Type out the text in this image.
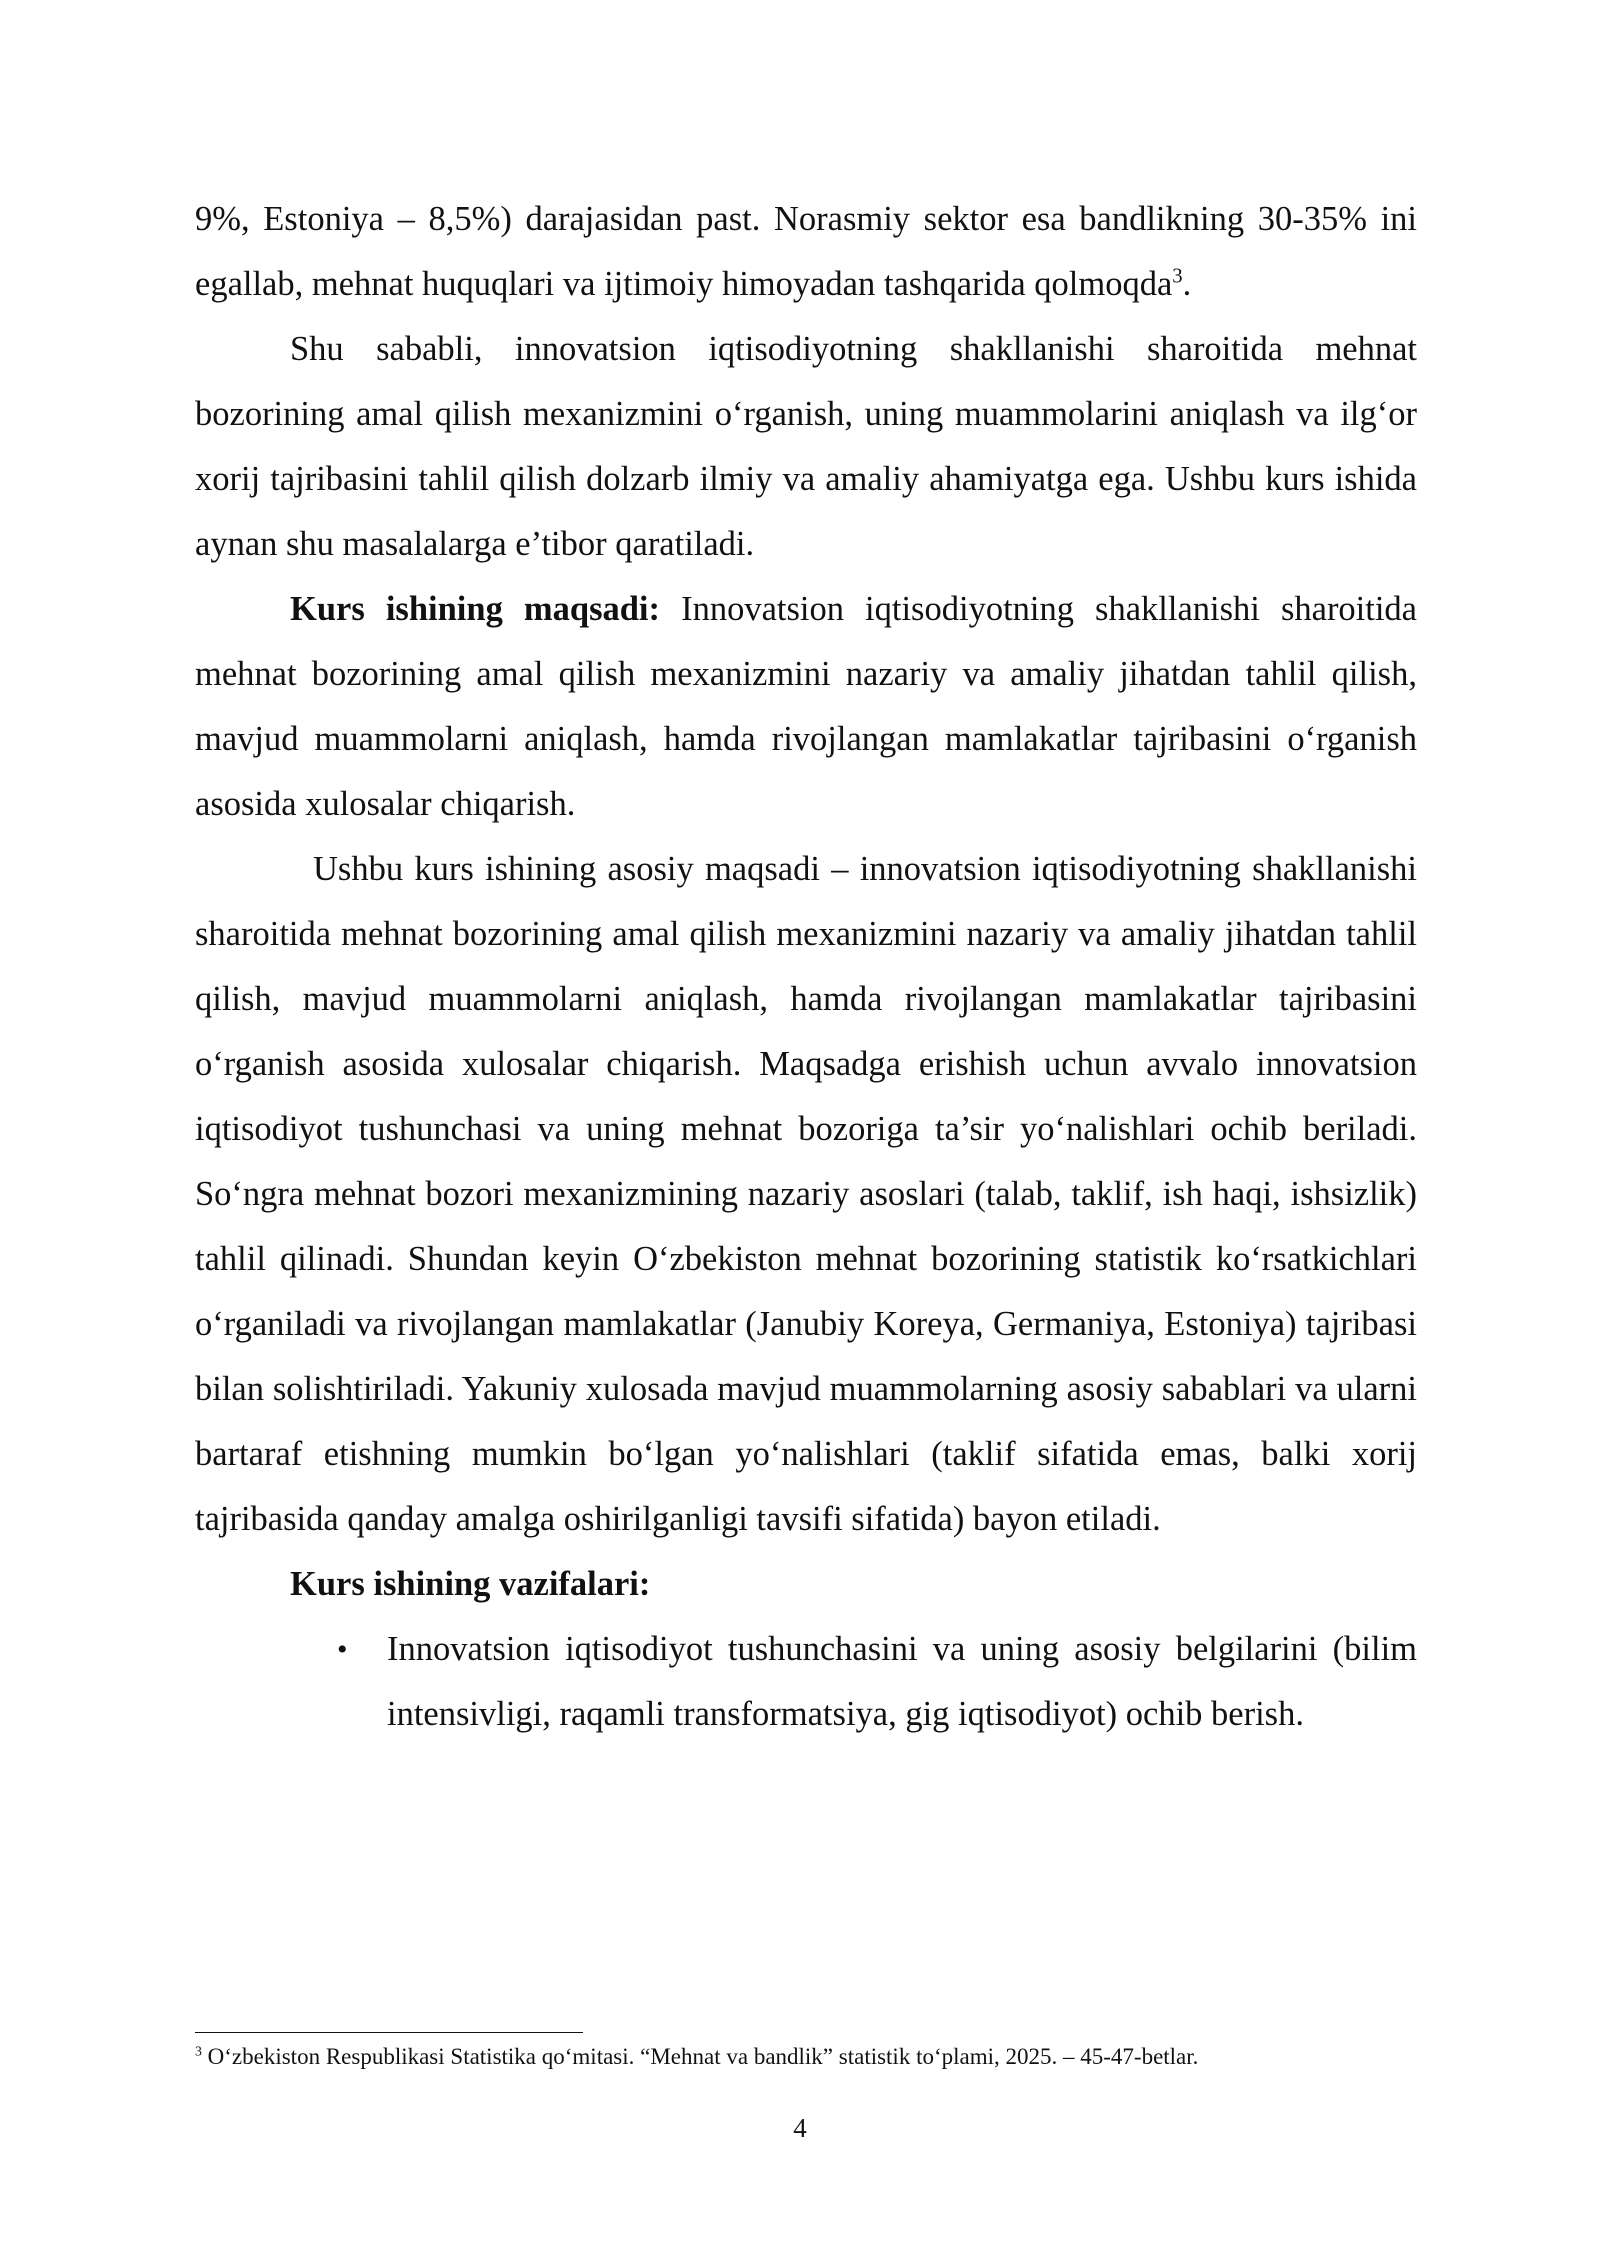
9%, Estoniya – 8,5%) darajasidan past. Norasmiy sektor esa bandlikning 30-35% ini egallab, mehnat huquqlari va ijtimoiy himoyadan tashqarida qolmoqda$^3$.

Shu sababli, innovatsion iqtisodiyotning shakllanishi sharoitida mehnat bozorining amal qilish mexanizmini oʻrganish, uning muammolarini aniqlash va ilgʻor xorij tajribasini tahlil qilish dolzarb ilmiy va amaliy ahamiyatga ega. Ushbu kurs ishida aynan shu masalalarga e’tibor qaratiladi.

Kurs ishining maqsadi: Innovatsion iqtisodiyotning shakllanishi sharoitida mehnat bozorining amal qilish mexanizmini nazariy va amaliy jihatdan tahlil qilish, mavjud muammolarni aniqlash, hamda rivojlangan mamlakatlar tajribasini oʻrganish asosida xulosalar chiqarish.

Ushbu kurs ishining asosiy maqsadi – innovatsion iqtisodiyotning shakllanishi sharoitida mehnat bozorining amal qilish mexanizmini nazariy va amaliy jihatdan tahlil qilish, mavjud muammolarni aniqlash, hamda rivojlangan mamlakatlar tajribasini oʻrganish asosida xulosalar chiqarish. Maqsadga erishish uchun avvalo innovatsion iqtisodiyot tushunchasi va uning mehnat bozoriga ta’sir yoʻnalishlari ochib beriladi. Soʻngra mehnat bozori mexanizmining nazariy asoslari (talab, taklif, ish haqi, ishsizlik) tahlil qilinadi. Shundan keyin Oʻzbekiston mehnat bozorining statistik koʻrsatkichlari oʻrganiladi va rivojlangan mamlakatlar (Janubiy Koreya, Germaniya, Estoniya) tajribasi bilan solishtiriladi. Yakuniy xulosada mavjud muammolarning asosiy sabablari va ularni bartaraf etishning mumkin boʻlgan yoʻnalishlari (taklif sifatida emas, balki xorij tajribasida qanday amalga oshirilganligi tavsifi sifatida) bayon etiladi.

Kurs ishining vazifalari:

• Innovatsion iqtisodiyot tushunchasini va uning asosiy belgilarini (bilim intensivligi, raqamli transformatsiya, gig iqtisodiyot) ochib berish.
$^3$ Oʻzbekiston Respublikasi Statistika qoʻmitasi. “Mehnat va bandlik” statistik toʻplami, 2025. – 45-47-betlar.
4
